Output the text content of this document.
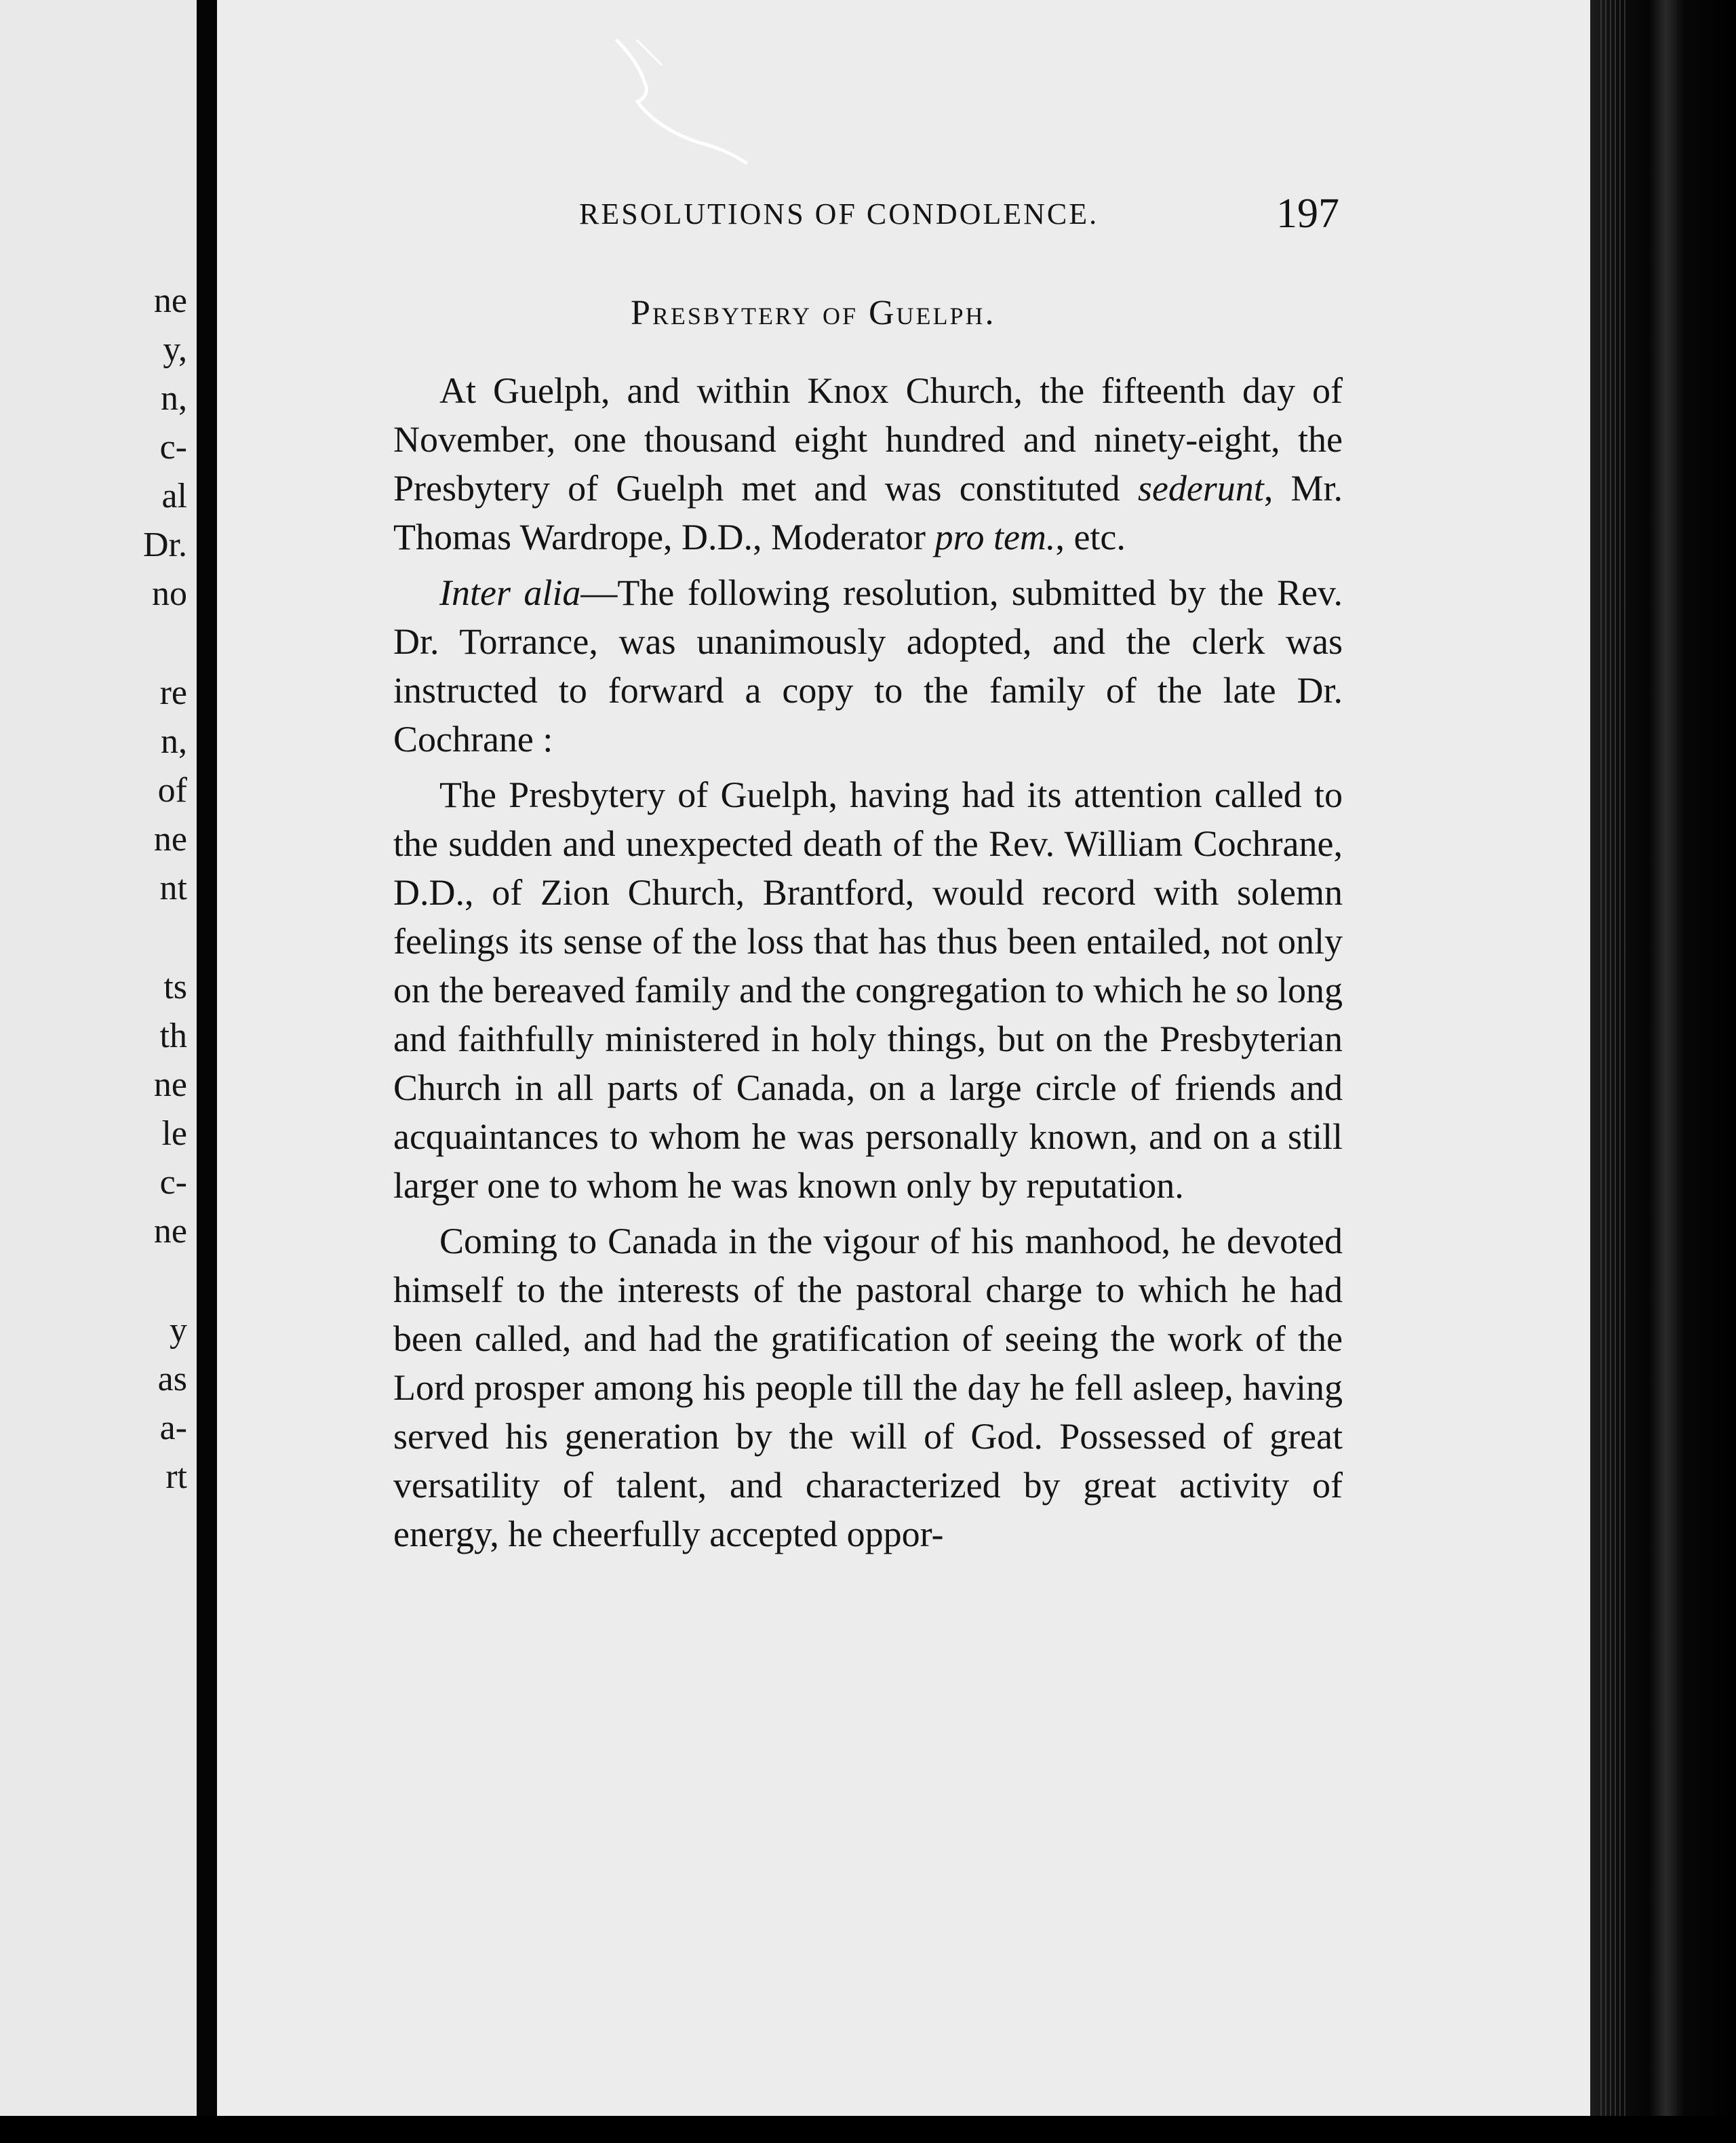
ne
y,
n,
c-
al
Dr.
no
re
n,
of
ne
nt
ts
th
ne
le
c-
ne
y
as
a-
rt
RESOLUTIONS OF CONDOLENCE.	197
Presbytery of Guelph.

At Guelph, and within Knox Church, the fifteenth day of November, one thousand eight hundred and ninety-eight, the Presbytery of Guelph met and was constituted sederunt, Mr. Thomas Wardrope, D.D., Moderator pro tem., etc.

Inter alia—The following resolution, submitted by the Rev. Dr. Torrance, was unanimously adopted, and the clerk was instructed to forward a copy to the family of the late Dr. Cochrane :

The Presbytery of Guelph, having had its attention called to the sudden and unexpected death of the Rev. William Cochrane, D.D., of Zion Church, Brantford, would record with solemn feelings its sense of the loss that has thus been entailed, not only on the bereaved family and the congregation to which he so long and faithfully ministered in holy things, but on the Presbyterian Church in all parts of Canada, on a large circle of friends and acquaintances to whom he was personally known, and on a still larger one to whom he was known only by reputation.

Coming to Canada in the vigour of his manhood, he devoted himself to the interests of the pastoral charge to which he had been called, and had the gratification of seeing the work of the Lord prosper among his people till the day he fell asleep, having served his generation by the will of God. Possessed of great versatility of talent, and characterized by great activity of energy, he cheerfully accepted oppor-
